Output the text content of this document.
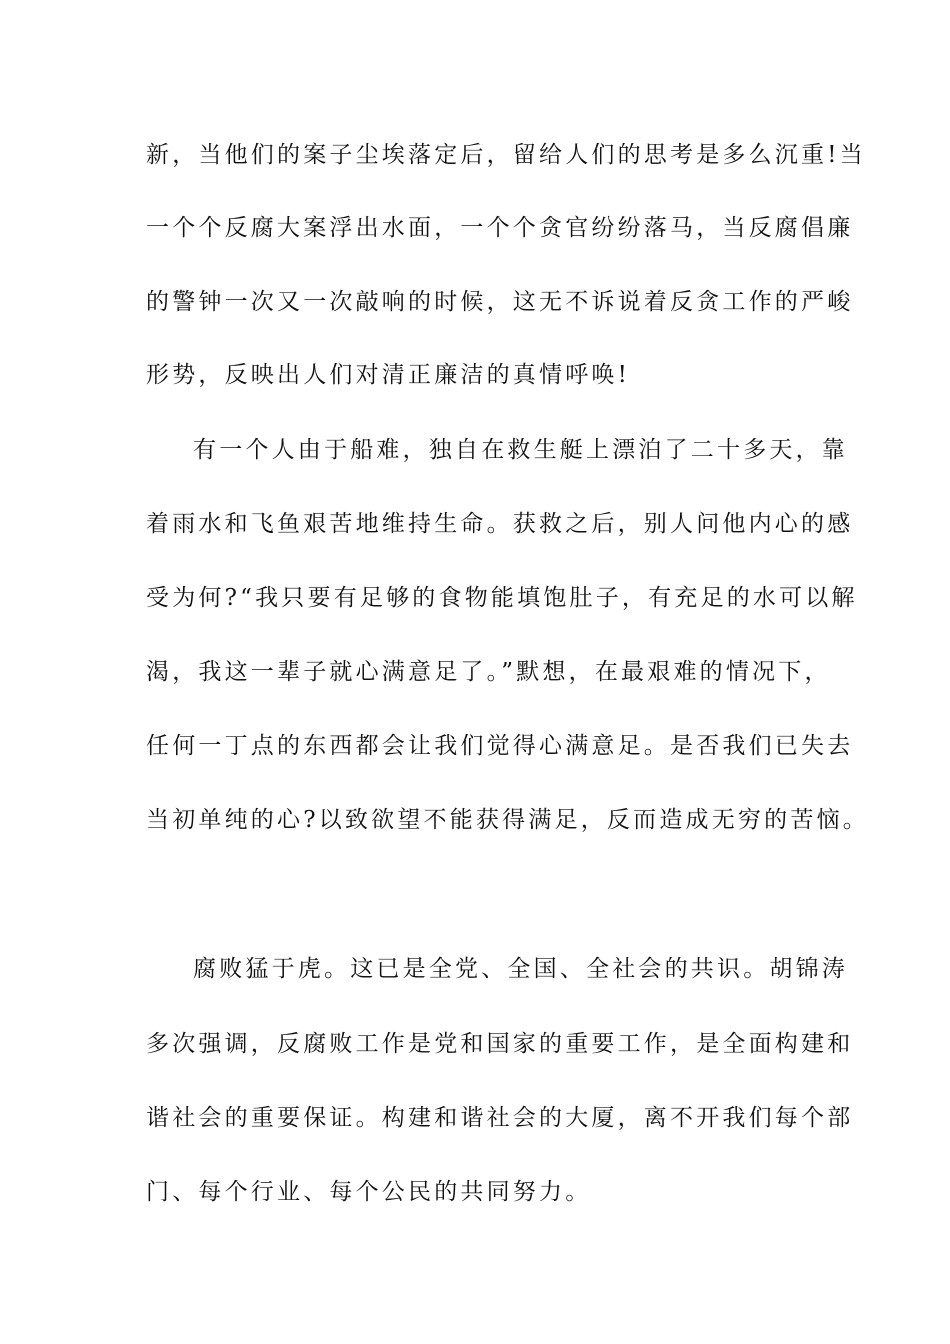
新，当他们的案子尘埃落定后，留给人们的思考是多么沉重!当
一个个反腐大案浮出水面，一个个贪官纷纷落马，当反腐倡廉
的警钟一次又一次敲响的时候，这无不诉说着反贪工作的严峻
形势，反映出人们对清正廉洁的真情呼唤!
有一个人由于船难，独自在救生艇上漂泊了二十多天，靠
着雨水和飞鱼艰苦地维持生命。获救之后，别人问他内心的感
受为何?“我只要有足够的食物能填饱肚子，有充足的水可以解
渴，我这一辈子就心满意足了。”默想，在最艰难的情况下，
任何一丁点的东西都会让我们觉得心满意足。是否我们已失去
当初单纯的心?以致欲望不能获得满足，反而造成无穷的苦恼。
腐败猛于虎。这已是全党、全国、全社会的共识。胡锦涛
多次强调，反腐败工作是党和国家的重要工作，是全面构建和
谐社会的重要保证。构建和谐社会的大厦，离不开我们每个部
门、每个行业、每个公民的共同努力。
